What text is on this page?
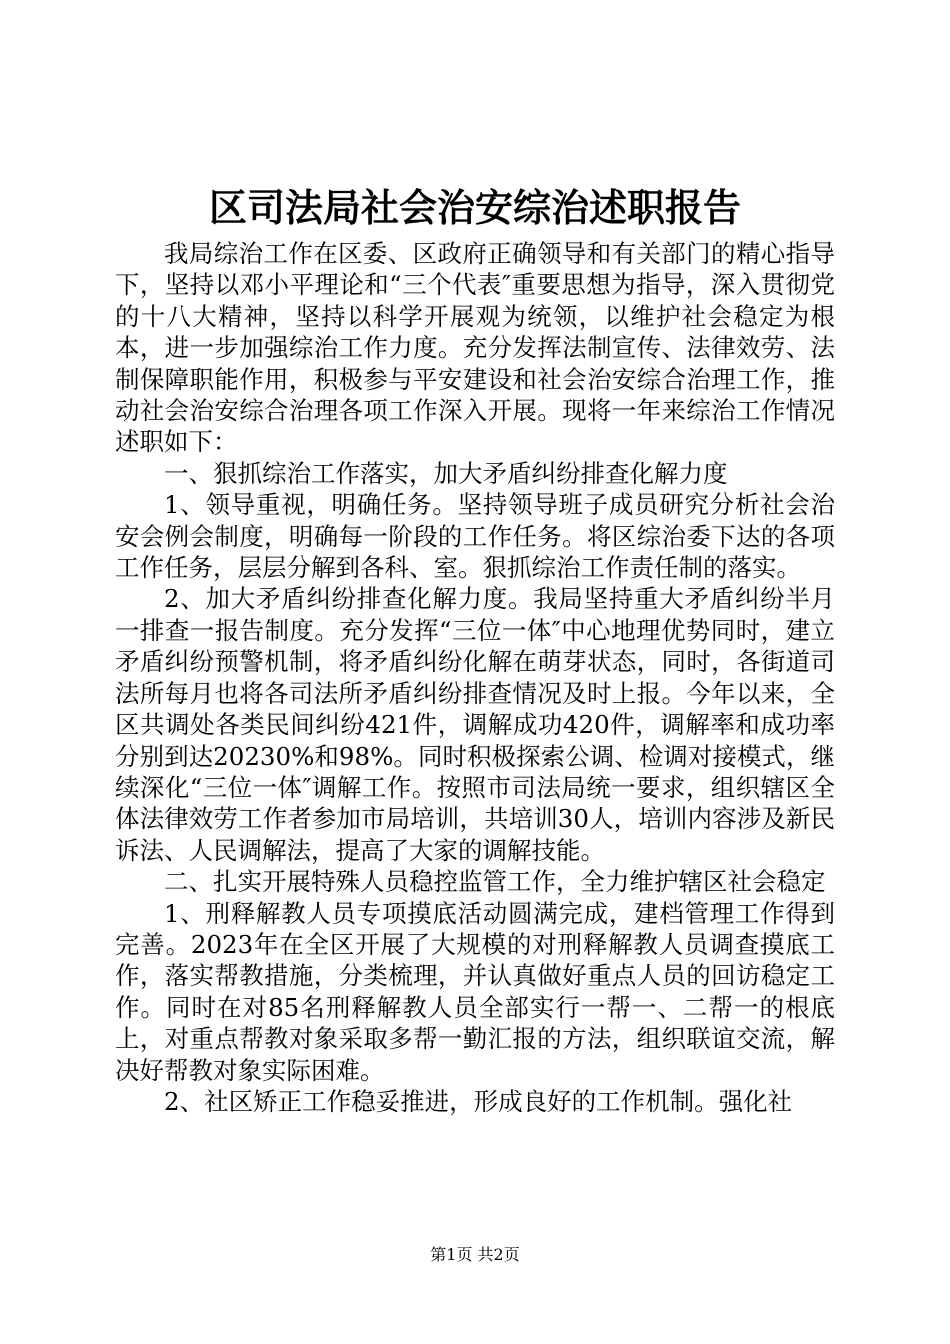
区司法局社会治安综治述职报告

我局综治工作在区委、区政府正确领导和有关部门的精心指导下，坚持以邓小平理论和“三个代表″重要思想为指导，深入贯彻党的十八大精神，坚持以科学开展观为统领，以维护社会稳定为根本，进一步加强综治工作力度。充分发挥法制宣传、法律效劳、法制保障职能作用，积极参与平安建设和社会治安综合治理工作，推动社会治安综合治理各项工作深入开展。现将一年来综治工作情况述职如下：

一、狠抓综治工作落实，加大矛盾纠纷排查化解力度

1、领导重视，明确任务。坚持领导班子成员研究分析社会治安会例会制度，明确每一阶段的工作任务。将区综治委下达的各项工作任务，层层分解到各科、室。狠抓综治工作责任制的落实。

2、加大矛盾纠纷排查化解力度。我局坚持重大矛盾纠纷半月一排查一报告制度。充分发挥“三位一体″中心地理优势同时，建立矛盾纠纷预警机制，将矛盾纠纷化解在萌芽状态，同时，各街道司法所每月也将各司法所矛盾纠纷排查情况及时上报。今年以来，全区共调处各类民间纠纷421件，调解成功420件，调解率和成功率分别到达20230%和98%。同时积极探索公调、检调对接模式，继续深化“三位一体″调解工作。按照市司法局统一要求，组织辖区全体法律效劳工作者参加市局培训，共培训30人，培训内容涉及新民诉法、人民调解法，提高了大家的调解技能。

二、扎实开展特殊人员稳控监管工作，全力维护辖区社会稳定

1、刑释解教人员专项摸底活动圆满完成，建档管理工作得到完善。2023年在全区开展了大规模的对刑释解教人员调查摸底工作，落实帮教措施，分类梳理，并认真做好重点人员的回访稳定工作。同时在对85名刑释解教人员全部实行一帮一、二帮一的根底上，对重点帮教对象采取多帮一勤汇报的方法，组织联谊交流，解决好帮教对象实际困难。

2、社区矫正工作稳妥推进，形成良好的工作机制。强化社

第1页 共2页
